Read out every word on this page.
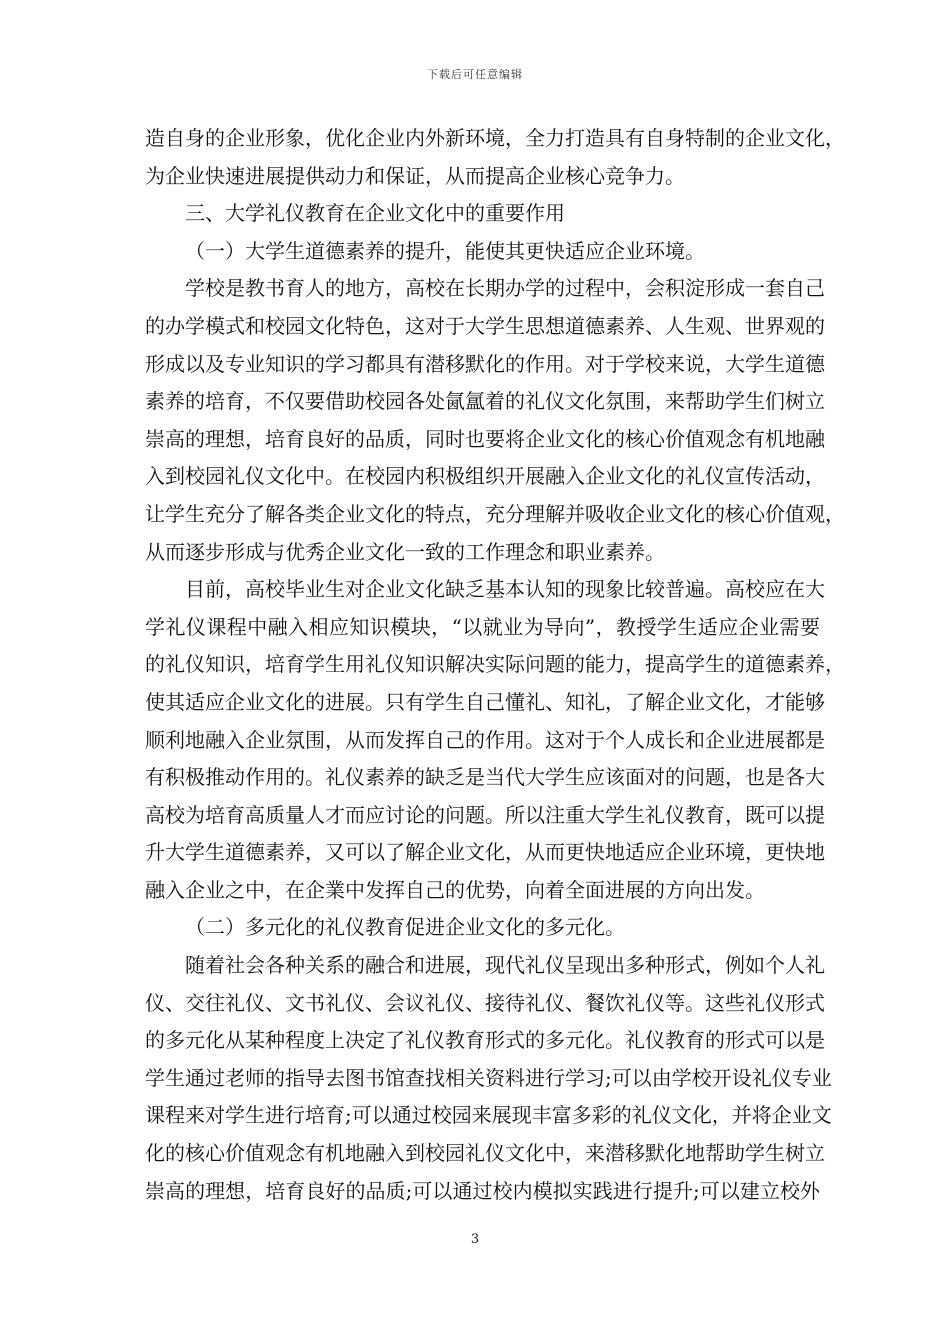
下载后可任意编辑
造自身的企业形象，优化企业内外新环境，全力打造具有自身特制的企业文化，
为企业快速进展提供动力和保证，从而提高企业核心竞争力。
三、大学礼仪教育在企业文化中的重要作用
（一）大学生道德素养的提升，能使其更快适应企业环境。
学校是教书育人的地方，高校在长期办学的过程中，会积淀形成一套自己
的办学模式和校园文化特色，这对于大学生思想道德素养、人生观、世界观的
形成以及专业知识的学习都具有潜移默化的作用。对于学校来说，大学生道德
素养的培育，不仅要借助校园各处氤氲着的礼仪文化氛围，来帮助学生们树立
崇高的理想，培育良好的品质，同时也要将企业文化的核心价值观念有机地融
入到校园礼仪文化中。在校园内积极组织开展融入企业文化的礼仪宣传活动，
让学生充分了解各类企业文化的特点，充分理解并吸收企业文化的核心价值观，
从而逐步形成与优秀企业文化一致的工作理念和职业素养。
目前，高校毕业生对企业文化缺乏基本认知的现象比较普遍。高校应在大
学礼仪课程中融入相应知识模块，“以就业为导向”，教授学生适应企业需要
的礼仪知识，培育学生用礼仪知识解决实际问题的能力，提高学生的道德素养，
使其适应企业文化的进展。只有学生自己懂礼、知礼，了解企业文化，才能够
顺利地融入企业氛围，从而发挥自己的作用。这对于个人成长和企业进展都是
有积极推动作用的。礼仪素养的缺乏是当代大学生应该面对的问题，也是各大
高校为培育高质量人才而应讨论的问题。所以注重大学生礼仪教育，既可以提
升大学生道德素养，又可以了解企业文化，从而更快地适应企业环境，更快地
融入企业之中，在企業中发挥自己的优势，向着全面进展的方向出发。
（二）多元化的礼仪教育促进企业文化的多元化。
随着社会各种关系的融合和进展，现代礼仪呈现出多种形式，例如个人礼
仪、交往礼仪、文书礼仪、会议礼仪、接待礼仪、餐饮礼仪等。这些礼仪形式
的多元化从某种程度上决定了礼仪教育形式的多元化。礼仪教育的形式可以是
学生通过老师的指导去图书馆查找相关资料进行学习;可以由学校开设礼仪专业
课程来对学生进行培育;可以通过校园来展现丰富多彩的礼仪文化，并将企业文
化的核心价值观念有机地融入到校园礼仪文化中，来潜移默化地帮助学生树立
崇高的理想，培育良好的品质;可以通过校内模拟实践进行提升;可以建立校外
3
